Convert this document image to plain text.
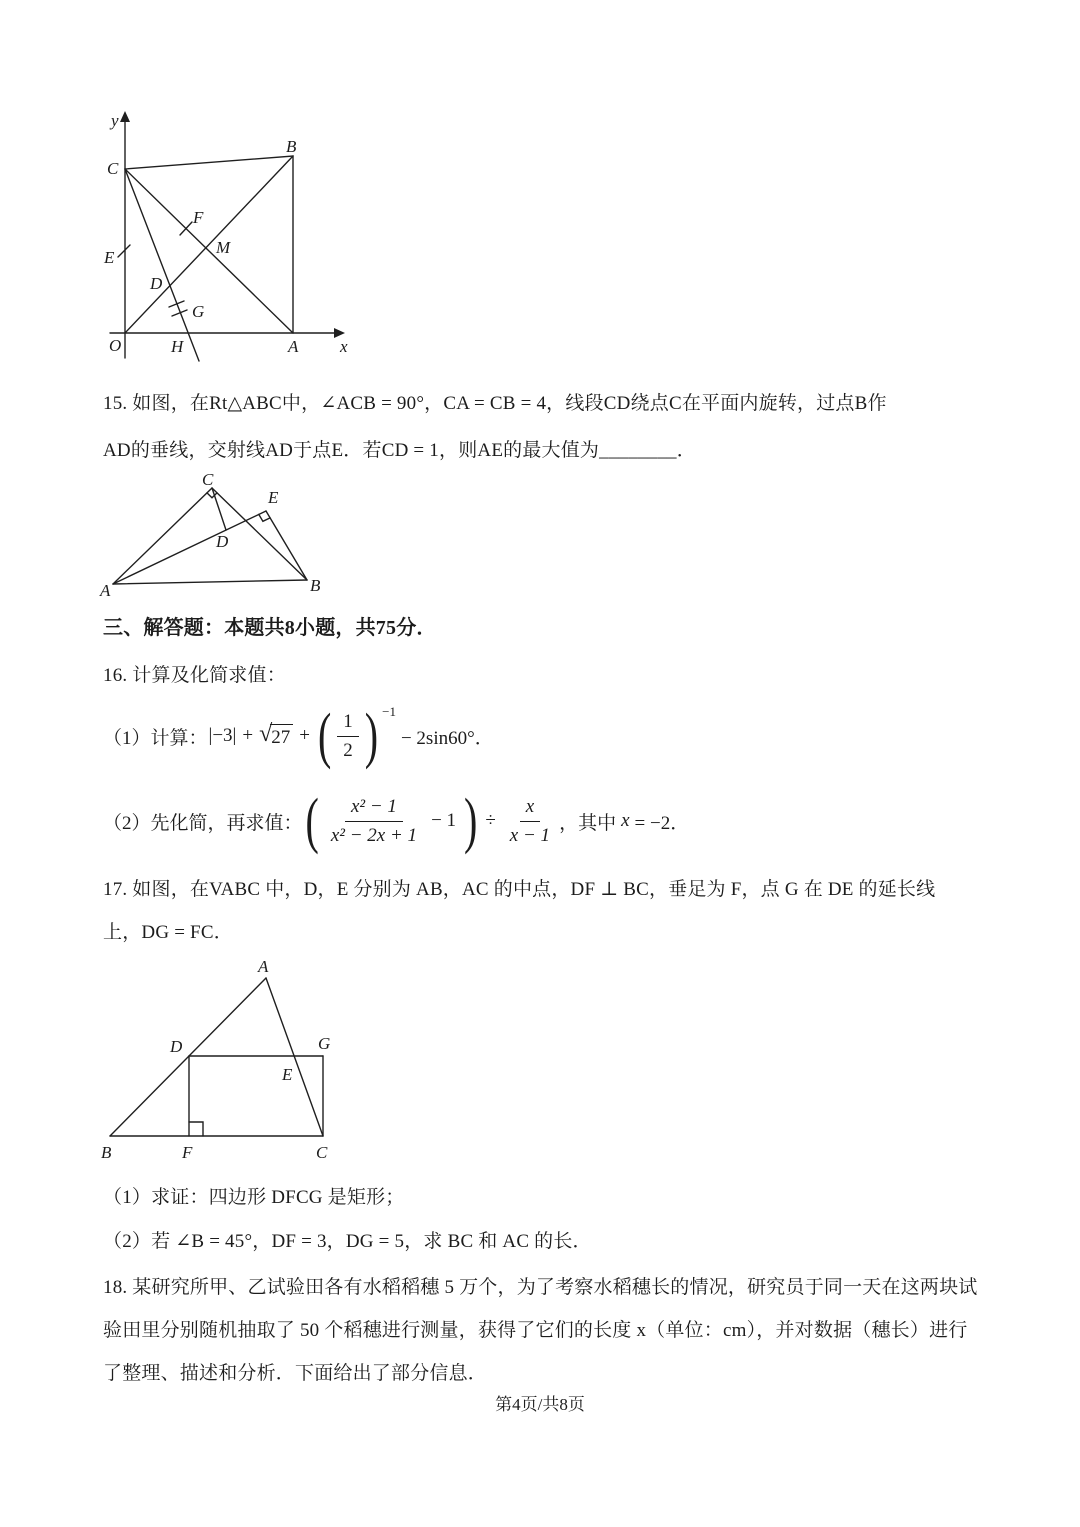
y
C
B
F
M
E
D
G
O	H	A x
15. 如图，在Rt△ABC中，∠ACB = 90°，CA = CB = 4，线段CD绕点C在平面内旋转，过点B作
AD的垂线，交射线AD于点E．若CD = 1，则AE的最大值为________．
C
E
D
A	B
三、解答题：本题共8小题，共75分．
16. 计算及化简求值：
（1）计算： |−3| + √ 27 + ( $\frac{1}{2}$ ) −1
− 2sin60°．
（2）先化简，再求值： ( $\frac{\text{x² − 1}}{\text{x² − 2x + 1}} - 1$ ) ÷ $\frac{x}{x - 1}$ ，其中 x = −2．
17. 如图，在VABC 中，D，E 分别为 AB，AC 的中点，DF ⊥ BC，垂足为 F，点 G 在 DE 的延长线
上，DG = FC．
A
D	G
E
B	F	C
（1）求证：四边形 DFCG 是矩形；
（2）若 ∠B = 45°，DF = 3，DG = 5，求 BC 和 AC 的长．
18. 某研究所甲、乙试验田各有水稻稻穗 5 万个，为了考察水稻穗长的情况，研究员于同一天在这两块试
验田里分别随机抽取了 50 个稻穗进行测量，获得了它们的长度 x（单位：cm），并对数据（穗长）进行
了整理、描述和分析．下面给出了部分信息．
第4页/共8页
